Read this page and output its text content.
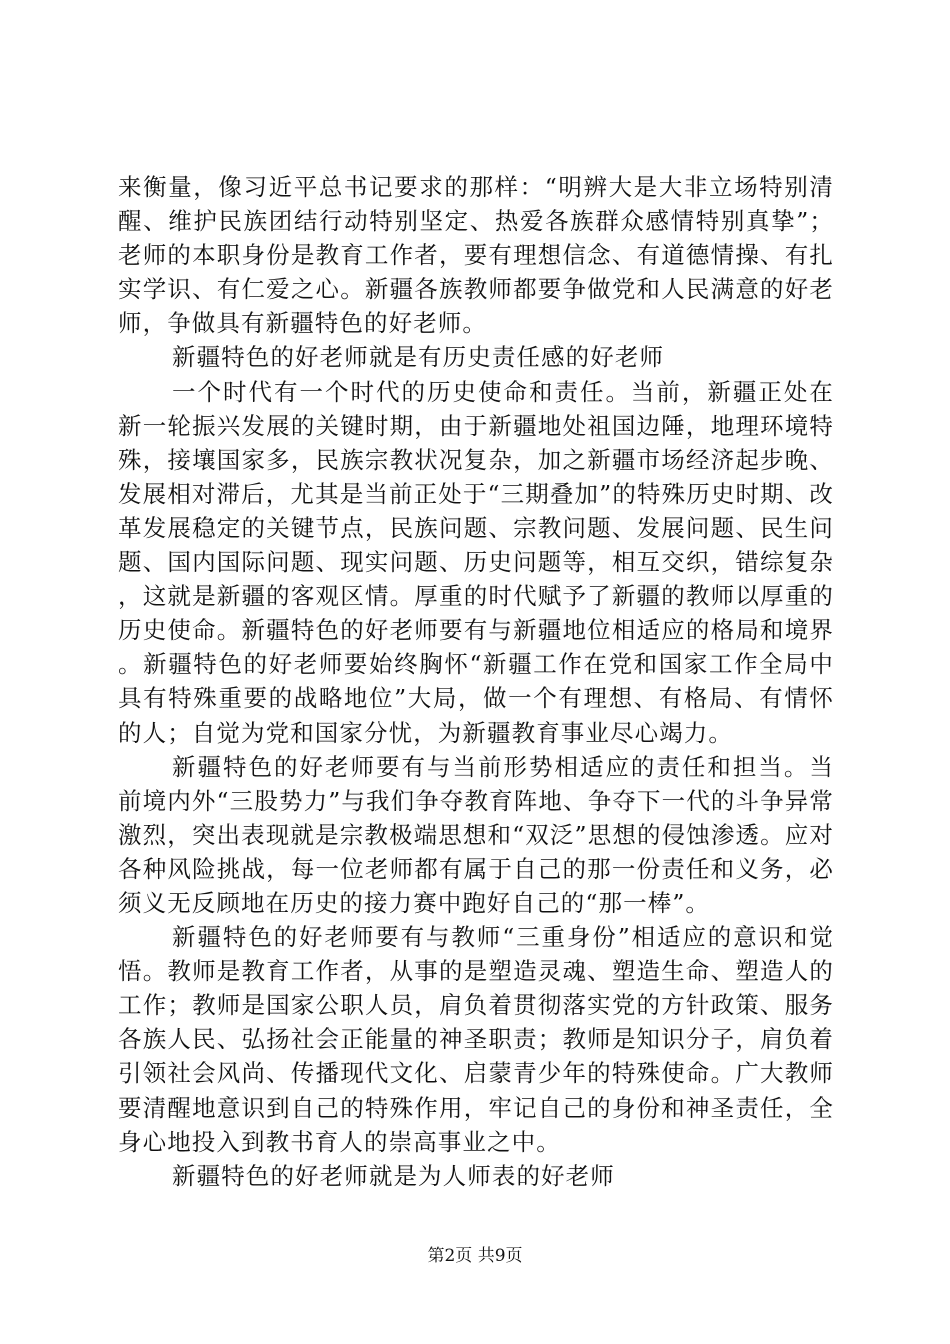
来衡量，像习近平总书记要求的那样：“明辨大是大非立场特别清醒、维护民族团结行动特别坚定、热爱各族群众感情特别真挚”；老师的本职身份是教育工作者，要有理想信念、有道德情操、有扎实学识、有仁爱之心。新疆各族教师都要争做党和人民满意的好老师，争做具有新疆特色的好老师。

新疆特色的好老师就是有历史责任感的好老师

一个时代有一个时代的历史使命和责任。当前，新疆正处在新一轮振兴发展的关键时期，由于新疆地处祖国边陲，地理环境特殊，接壤国家多，民族宗教状况复杂，加之新疆市场经济起步晚、发展相对滞后，尤其是当前正处于“三期叠加”的特殊历史时期、改革发展稳定的关键节点，民族问题、宗教问题、发展问题、民生问题、国内国际问题、现实问题、历史问题等，相互交织，错综复杂，这就是新疆的客观区情。厚重的时代赋予了新疆的教师以厚重的历史使命。新疆特色的好老师要有与新疆地位相适应的格局和境界。新疆特色的好老师要始终胸怀“新疆工作在党和国家工作全局中具有特殊重要的战略地位”大局，做一个有理想、有格局、有情怀的人；自觉为党和国家分忧，为新疆教育事业尽心竭力。

新疆特色的好老师要有与当前形势相适应的责任和担当。当前境内外“三股势力”与我们争夺教育阵地、争夺下一代的斗争异常激烈，突出表现就是宗教极端思想和“双泛”思想的侵蚀渗透。应对各种风险挑战，每一位老师都有属于自己的那一份责任和义务，必须义无反顾地在历史的接力赛中跑好自己的“那一棒”。

新疆特色的好老师要有与教师“三重身份”相适应的意识和觉悟。教师是教育工作者，从事的是塑造灵魂、塑造生命、塑造人的工作；教师是国家公职人员，肩负着贯彻落实党的方针政策、服务各族人民、弘扬社会正能量的神圣职责；教师是知识分子，肩负着引领社会风尚、传播现代文化、启蒙青少年的特殊使命。广大教师要清醒地意识到自己的特殊作用，牢记自己的身份和神圣责任，全身心地投入到教书育人的崇高事业之中。

新疆特色的好老师就是为人师表的好老师

第2页 共9页
